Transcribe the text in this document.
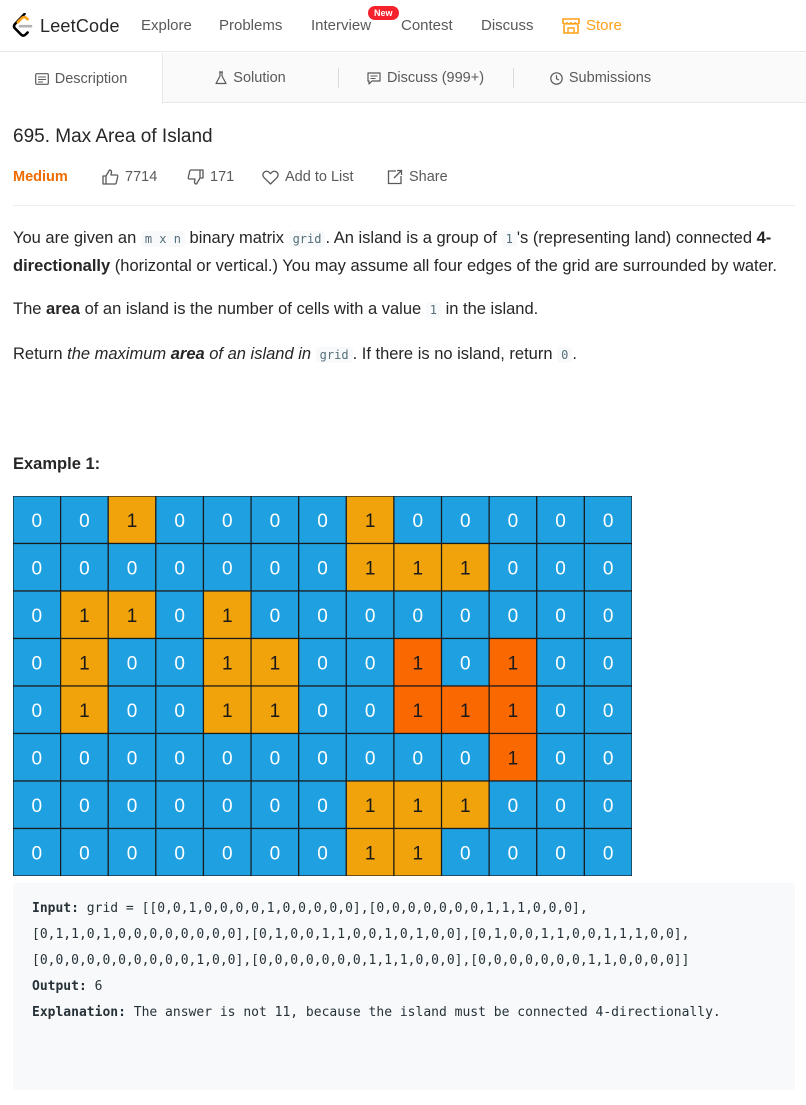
LeetCode Explore Problems Interview
New
Contest Discuss	Store
Description	Solution	Discuss (999+)	Submissions
695. Max Area of Island
Medium	7714	171	Add to List	Share

You are given an m x n binary matrix grid . An island is a group of 1 's (representing land) connected 4-directionally (horizontal or vertical.) You may assume all four edges of the grid are surrounded by water.

The area of an island is the number of cells with a value 1 in the island.

Return the maximum area of an island in grid . If there is no island, return 0 .

Example 1:
0 0 1 0 0 0 0 1 0 0 0 0 0
0 0 0 0 0 0 0 1 1 1 0 0 0
0 1 1 0 1 0 0 0 0 0 0 0 0
0 1 0 0 1 1 0 0 1 0 1 0 0
0 1 0 0 1 1 0 0 1 1 1 0 0
0 0 0 0 0 0 0 0 0 0 1 0 0
0 0 0 0 0 0 0 1 1 1 0 0 0
0 0 0 0 0 0 0 1 1 0 0 0 0
Input: grid = [[0,0,1,0,0,0,0,1,0,0,0,0,0],[0,0,0,0,0,0,0,1,1,1,0,0,0],[0,1,1,0,1,0,0,0,0,0,0,0,0],[0,1,0,0,1,1,0,0,1,0,1,0,0],[0,1,0,0,1,1,0,0,1,1,1,0,0],[0,0,0,0,0,0,0,0,0,0,1,0,0],[0,0,0,0,0,0,0,1,1,1,0,0,0],[0,0,0,0,0,0,0,1,1,0,0,0,0]]
Output: 6
Explanation: The answer is not 11, because the island must be connected 4-directionally.
